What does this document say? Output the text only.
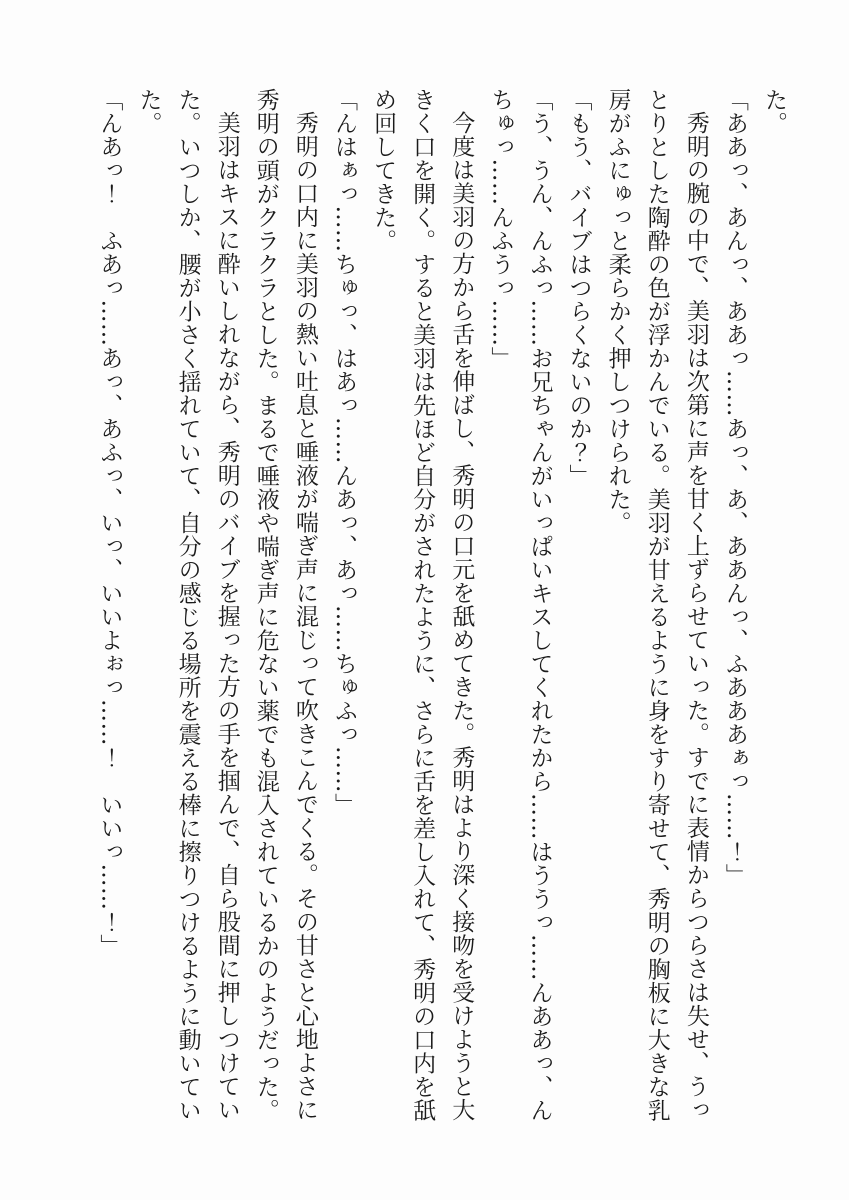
た。
「ああっ、あんっ、ああっ……あっ、あ、ああんっ、ふあああぁっ……！」
秀明の腕の中で、美羽は次第に声を甘く上ずらせていった。すでに表情からつらさは失せ、うっ
とりとした陶酔の色が浮かんでいる。美羽が甘えるように身をすり寄せて、秀明の胸板に大きな乳
房がふにゅっと柔らかく押しつけられた。
「もう、バイブはつらくないのか？」
「う、うん、んふっ……お兄ちゃんがいっぱいキスしてくれたから……はううっ……んああっ、ん
ちゅっ……んふうっ……」
今度は美羽の方から舌を伸ばし、秀明の口元を舐めてきた。秀明はより深く接吻を受けようと大
きく口を開く。すると美羽は先ほど自分がされたように、さらに舌を差し入れて、秀明の口内を舐
め回してきた。
「んはぁっ……ちゅっ、はあっ……んあっ、あっ……ちゅふっ……」
秀明の口内に美羽の熱い吐息と唾液が喘ぎ声に混じって吹きこんでくる。その甘さと心地よさに
秀明の頭がクラクラとした。まるで唾液や喘ぎ声に危ない薬でも混入されているかのようだった。
美羽はキスに酔いしれながら、秀明のバイブを握った方の手を掴んで、自ら股間に押しつけてい
た。いつしか、腰が小さく揺れていて、自分の感じる場所を震える棒に擦りつけるように動いてい
た。
「んあっ！　ふあっ……あっ、あふっ、いっ、いいよぉっ……！　いいっ……！」
